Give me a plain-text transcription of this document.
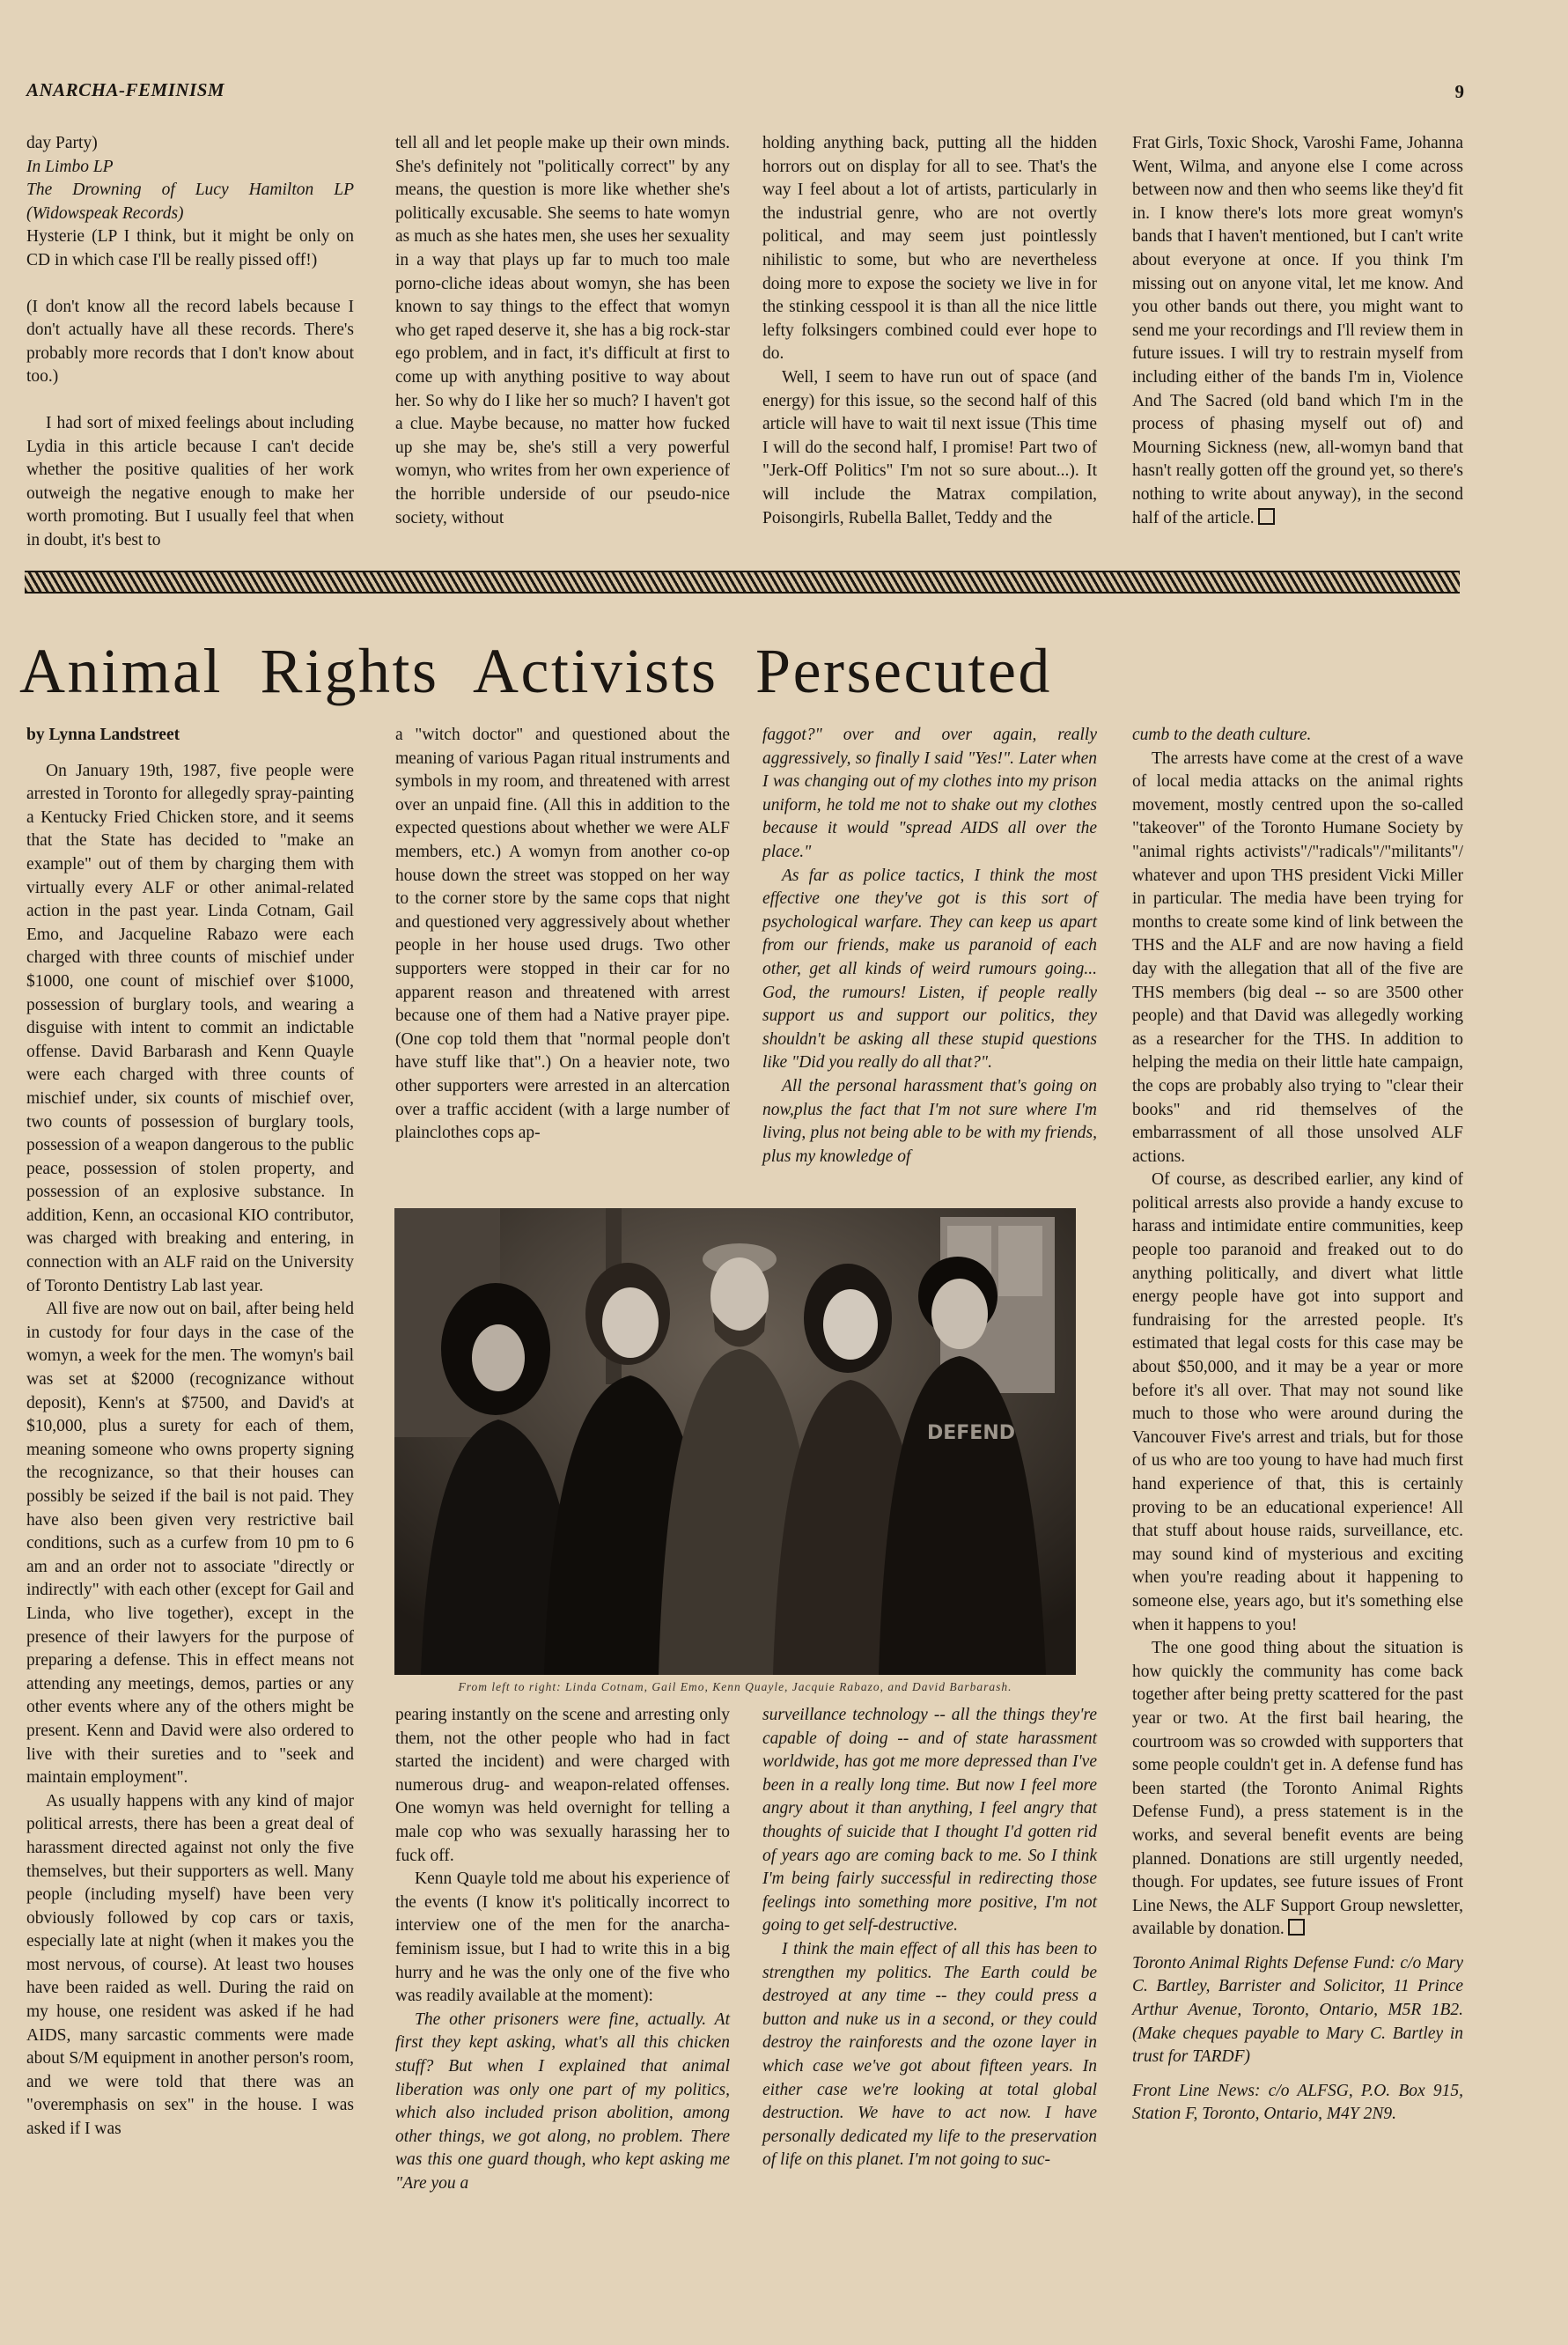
ANARCHA-FEMINISM	9

day Party)

In Limbo LP

The Drowning of Lucy Hamilton LP (Widowspeak Records)

Hysterie (LP I think, but it might be only on CD in which case I'll be really pissed off!)

(I don't know all the record labels because I don't actually have all these records. There's probably more records that I don't know about too.)

I had sort of mixed feelings about including Lydia in this article because I can't decide whether the positive qualities of her work outweigh the negative enough to make her worth promoting. But I usually feel that when in doubt, it's best to

tell all and let people make up their own minds. She's definitely not "politically correct" by any means, the question is more like whether she's politically excusable. She seems to hate womyn as much as she hates men, she uses her sexuality in a way that plays up far to much too male porno-cliche ideas about womyn, she has been known to say things to the effect that womyn who get raped deserve it, she has a big rock-star ego problem, and in fact, it's difficult at first to come up with anything positive to way about her. So why do I like her so much? I haven't got a clue. Maybe because, no matter how fucked up she may be, she's still a very powerful womyn, who writes from her own experience of the horrible underside of our pseudo-nice society, without

holding anything back, putting all the hidden horrors out on display for all to see. That's the way I feel about a lot of artists, particularly in the industrial genre, who are not overtly political, and may seem just pointlessly nihilistic to some, but who are nevertheless doing more to expose the society we live in for the stinking cesspool it is than all the nice little lefty folksingers combined could ever hope to do.

Well, I seem to have run out of space (and energy) for this issue, so the second half of this article will have to wait til next issue (This time I will do the second half, I promise! Part two of "Jerk-Off Politics" I'm not so sure about...). It will include the Matrax compilation, Poisongirls, Rubella Ballet, Teddy and the

Frat Girls, Toxic Shock, Varoshi Fame, Johanna Went, Wilma, and anyone else I come across between now and then who seems like they'd fit in. I know there's lots more great womyn's bands that I haven't mentioned, but I can't write about everyone at once. If you think I'm missing out on anyone vital, let me know. And you other bands out there, you might want to send me your recordings and I'll review them in future issues. I will try to restrain myself from including either of the bands I'm in, Violence And The Sacred (old band which I'm in the process of phasing myself out of) and Mourning Sickness (new, all-womyn band that hasn't really gotten off the ground yet, so there's nothing to write about anyway), in the second half of the article.

Animal Rights Activists Persecuted

by Lynna Landstreet

On January 19th, 1987, five people were arrested in Toronto for allegedly spray-painting a Kentucky Fried Chicken store, and it seems that the State has decided to "make an example" out of them by charging them with virtually every ALF or other animal-related action in the past year. Linda Cotnam, Gail Emo, and Jacqueline Rabazo were each charged with three counts of mischief under $1000, one count of mischief over $1000, possession of burglary tools, and wearing a disguise with intent to commit an indictable offense. David Barbarash and Kenn Quayle were each charged with three counts of mischief under, six counts of mischief over, two counts of possession of burglary tools, possession of a weapon dangerous to the public peace, possession of stolen property, and possession of an explosive substance. In addition, Kenn, an occasional KIO contributor, was charged with breaking and entering, in connection with an ALF raid on the University of Toronto Dentistry Lab last year.

All five are now out on bail, after being held in custody for four days in the case of the womyn, a week for the men. The womyn's bail was set at $2000 (recognizance without deposit), Kenn's at $7500, and David's at $10,000, plus a surety for each of them, meaning someone who owns property signing the recognizance, so that their houses can possibly be seized if the bail is not paid. They have also been given very restrictive bail conditions, such as a curfew from 10 pm to 6 am and an order not to associate "directly or indirectly" with each other (except for Gail and Linda, who live together), except in the presence of their lawyers for the purpose of preparing a defense. This in effect means not attending any meetings, demos, parties or any other events where any of the others might be present. Kenn and David were also ordered to live with their sureties and to "seek and maintain employment".

As usually happens with any kind of major political arrests, there has been a great deal of harassment directed against not only the five themselves, but their supporters as well. Many people (including myself) have been very obviously followed by cop cars or taxis, especially late at night (when it makes you the most nervous, of course). At least two houses have been raided as well. During the raid on my house, one resident was asked if he had AIDS, many sarcastic comments were made about S/M equipment in another person's room, and we were told that there was an "overemphasis on sex" in the house. I was asked if I was

a "witch doctor" and questioned about the meaning of various Pagan ritual instruments and symbols in my room, and threatened with arrest over an unpaid fine. (All this in addition to the expected questions about whether we were ALF members, etc.) A womyn from another co-op house down the street was stopped on her way to the corner store by the same cops that night and questioned very aggressively about whether people in her house used drugs. Two other supporters were stopped in their car for no apparent reason and threatened with arrest because one of them had a Native prayer pipe. (One cop told them that "normal people don't have stuff like that".) On a heavier note, two other supporters were arrested in an altercation over a traffic accident (with a large number of plainclothes cops ap-

faggot?" over and over again, really aggressively, so finally I said "Yes!". Later when I was changing out of my clothes into my prison uniform, he told me not to shake out my clothes because it would "spread AIDS all over the place."

As far as police tactics, I think the most effective one they've got is this sort of psychological warfare. They can keep us apart from our friends, make us paranoid of each other, get all kinds of weird rumours going... God, the rumours! Listen, if people really support us and support our politics, they shouldn't be asking all these stupid questions like "Did you really do all that?".

All the personal harassment that's going on now,plus the fact that I'm not sure where I'm living, plus not being able to be with my friends, plus my knowledge of

DEFEND
From left to right: Linda Cotnam, Gail Emo, Kenn Quayle, Jacquie Rabazo, and David Barbarash.

pearing instantly on the scene and arresting only them, not the other people who had in fact started the incident) and were charged with numerous drug- and weapon-related offenses. One womyn was held overnight for telling a male cop who was sexually harassing her to fuck off.

Kenn Quayle told me about his experience of the events (I know it's politically incorrect to interview one of the men for the anarcha-feminism issue, but I had to write this in a big hurry and he was the only one of the five who was readily available at the moment):

The other prisoners were fine, actually. At first they kept asking, what's all this chicken stuff? But when I explained that animal liberation was only one part of my politics, which also included prison abolition, among other things, we got along, no problem. There was this one guard though, who kept asking me "Are you a

surveillance technology -- all the things they're capable of doing -- and of state harassment worldwide, has got me more depressed than I've been in a really long time. But now I feel more angry about it than anything, I feel angry that thoughts of suicide that I thought I'd gotten rid of years ago are coming back to me. So I think I'm being fairly successful in redirecting those feelings into something more positive, I'm not going to get self-destructive.

I think the main effect of all this has been to strengthen my politics. The Earth could be destroyed at any time -- they could press a button and nuke us in a second, or they could destroy the rainforests and the ozone layer in which case we've got about fifteen years. In either case we're looking at total global destruction. We have to act now. I have personally dedicated my life to the preservation of life on this planet. I'm not going to suc-

cumb to the death culture.

The arrests have come at the crest of a wave of local media attacks on the animal rights movement, mostly centred upon the so-called "takeover" of the Toronto Humane Society by "animal rights activists"/"radicals"/"militants"/ whatever and upon THS president Vicki Miller in particular. The media have been trying for months to create some kind of link between the THS and the ALF and are now having a field day with the allegation that all of the five are THS members (big deal -- so are 3500 other people) and that David was allegedly working as a researcher for the THS. In addition to helping the media on their little hate campaign, the cops are probably also trying to "clear their books" and rid themselves of the embarrassment of all those unsolved ALF actions.

Of course, as described earlier, any kind of political arrests also provide a handy excuse to harass and intimidate entire communities, keep people too paranoid and freaked out to do anything politically, and divert what little energy people have got into support and fundraising for the arrested people. It's estimated that legal costs for this case may be about $50,000, and it may be a year or more before it's all over. That may not sound like much to those who were around during the Vancouver Five's arrest and trials, but for those of us who are too young to have had much first hand experience of that, this is certainly proving to be an educational experience! All that stuff about house raids, surveillance, etc. may sound kind of mysterious and exciting when you're reading about it happening to someone else, years ago, but it's something else when it happens to you!

The one good thing about the situation is how quickly the community has come back together after being pretty scattered for the past year or two. At the first bail hearing, the courtroom was so crowded with supporters that some people couldn't get in. A defense fund has been started (the Toronto Animal Rights Defense Fund), a press statement is in the works, and several benefit events are being planned. Donations are still urgently needed, though. For updates, see future issues of Front Line News, the ALF Support Group newsletter, available by donation.

Toronto Animal Rights Defense Fund: c/o Mary C. Bartley, Barrister and Solicitor, 11 Prince Arthur Avenue, Toronto, Ontario, M5R 1B2. (Make cheques payable to Mary C. Bartley in trust for TARDF)

Front Line News: c/o ALFSG, P.O. Box 915, Station F, Toronto, Ontario, M4Y 2N9.
